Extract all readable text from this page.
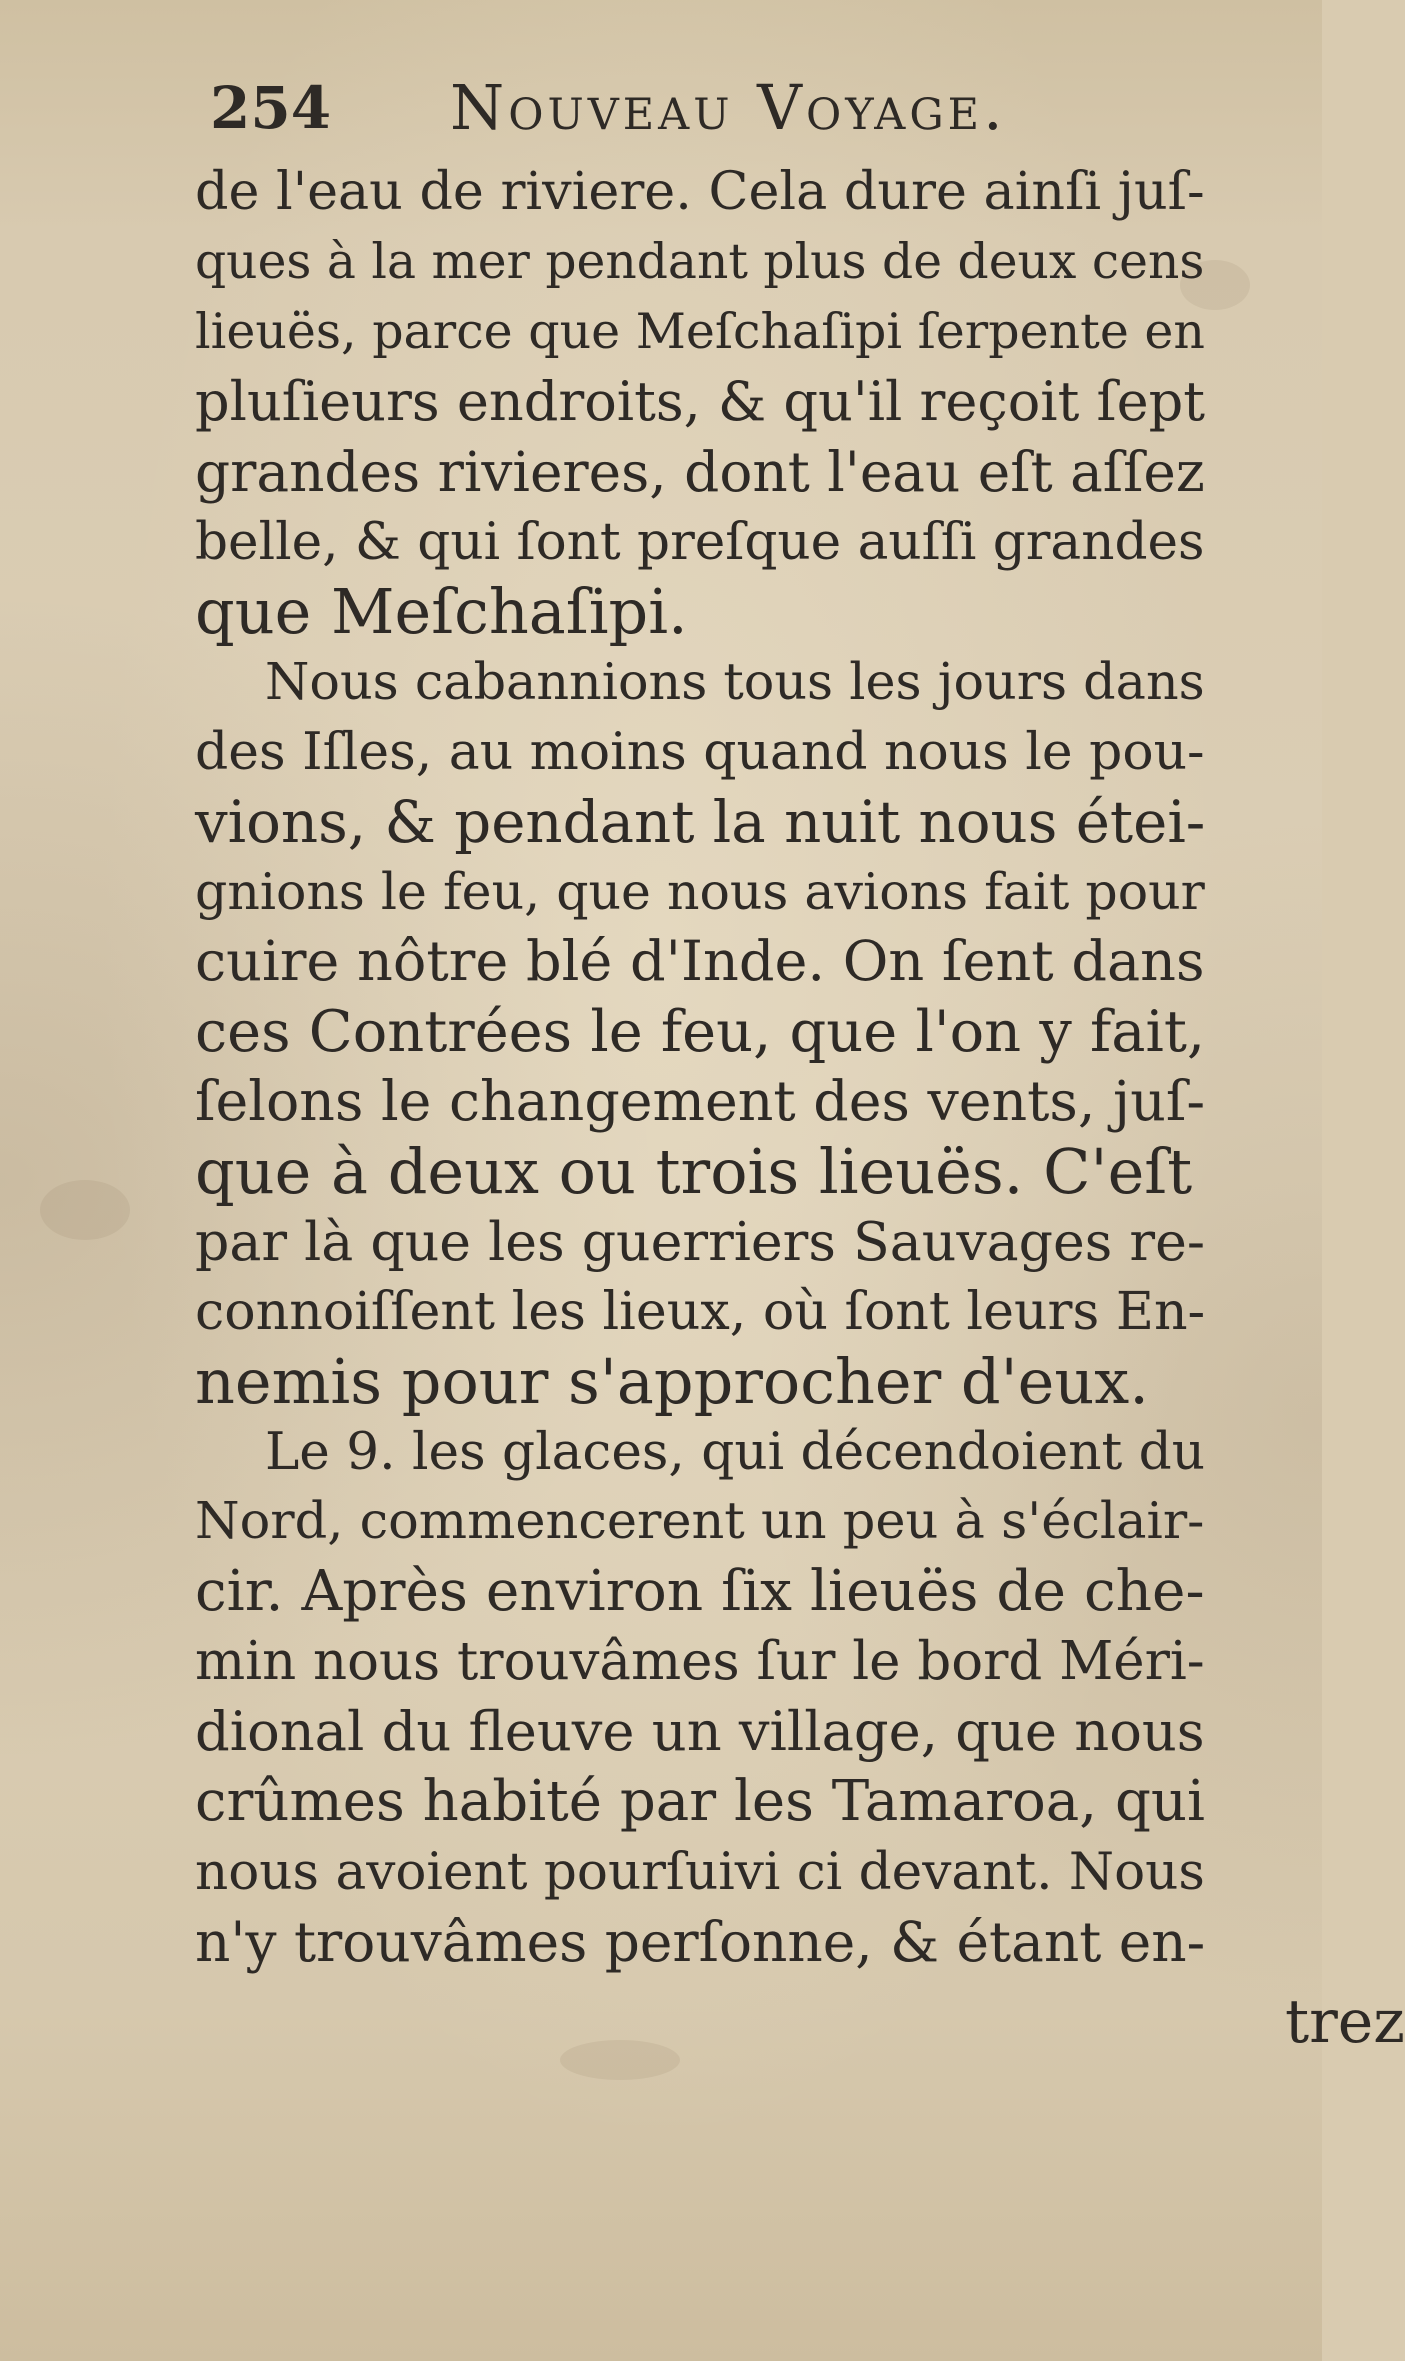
254 Nouveau Voyage.
de l'eau de riviere. Cela dure ainſi juſ-
ques à la mer pendant plus de deux cens
lieuës, parce que Meſchaſipi ſerpente en
pluſieurs endroits, & qu'il reçoit ſept
grandes rivieres, dont l'eau eſt aſſez
belle, & qui ſont preſque auſſi grandes
que Meſchaſipi.
Nous cabannions tous les jours dans
des Iſles, au moins quand nous le pou-
vions, & pendant la nuit nous étei-
gnions le feu, que nous avions fait pour
cuire nôtre blé d'Inde. On ſent dans
ces Contrées le feu, que l'on y fait,
ſelons le changement des vents, juſ-
que à deux ou trois lieuës. C'eſt
par là que les guerriers Sauvages re-
connoiſſent les lieux, où ſont leurs En-
nemis pour s'approcher d'eux.
Le 9. les glaces, qui décendoient du
Nord, commencerent un peu à s'éclair-
cir. Après environ ſix lieuës de che-
min nous trouvâmes ſur le bord Méri-
dional du fleuve un village, que nous
crûmes habité par les Tamaroa, qui
nous avoient pourſuivi ci devant. Nous
n'y trouvâmes perſonne, & étant en-
trez
